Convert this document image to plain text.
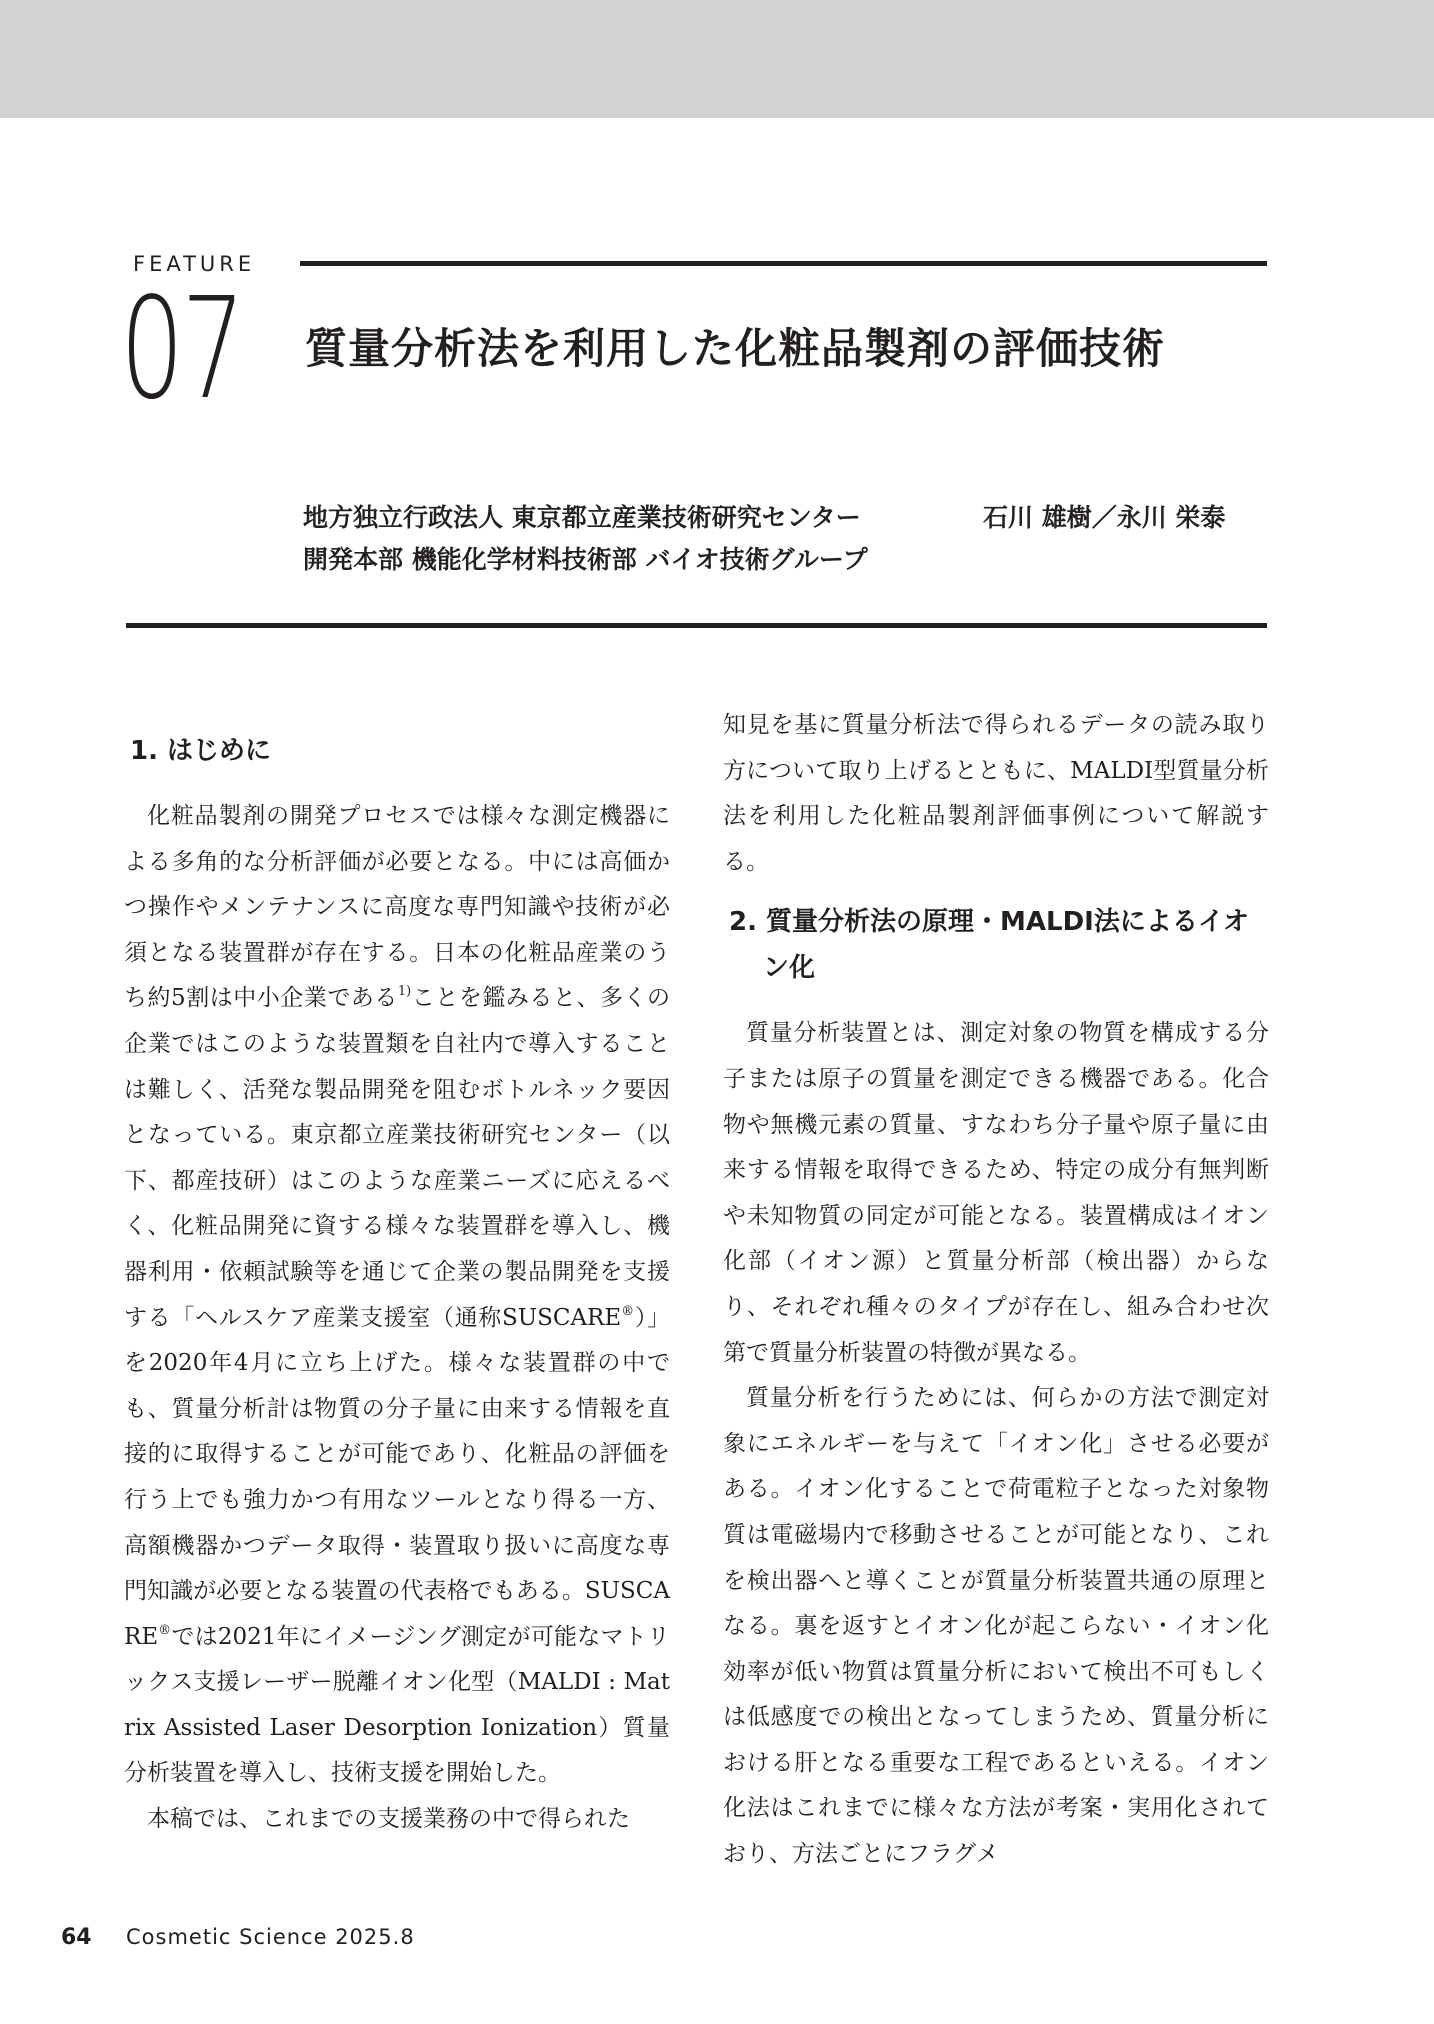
FEATURE
07 質量分析法を利用した化粧品製剤の評価技術
地方独立行政法人 東京都立産業技術研究センター
開発本部 機能化学材料技術部 バイオ技術グループ
石川 雄樹／永川 栄泰
1. はじめに

化粧品製剤の開発プロセスでは様々な測定機器による多角的な分析評価が必要となる。中には高価かつ操作やメンテナンスに高度な専門知識や技術が必須となる装置群が存在する。日本の化粧品産業のうち約5割は中小企業である$^{1)}$ことを鑑みると、多くの企業ではこのような装置類を自社内で導入することは難しく、活発な製品開発を阻むボトルネック要因となっている。東京都立産業技術研究センター（以下、都産技研）はこのような産業ニーズに応えるべく、化粧品開発に資する様々な装置群を導入し、機器利用・依頼試験等を通じて企業の製品開発を支援する「ヘルスケア産業支援室（通称SUSCARE®）」を2020年4月に立ち上げた。様々な装置群の中でも、質量分析計は物質の分子量に由来する情報を直接的に取得することが可能であり、化粧品の評価を行う上でも強力かつ有用なツールとなり得る一方、高額機器かつデータ取得・装置取り扱いに高度な専門知識が必要となる装置の代表格でもある。SUSCARE®では2021年にイメージング測定が可能なマトリックス支援レーザー脱離イオン化型（MALDI : Matrix Assisted Laser Desorption Ionization）質量分析装置を導入し、技術支援を開始した。

本稿では、これまでの支援業務の中で得られた

知見を基に質量分析法で得られるデータの読み取り方について取り上げるとともに、MALDI型質量分析法を利用した化粧品製剤評価事例について解説する。

2. 質量分析法の原理・MALDI法によるイオン化

質量分析装置とは、測定対象の物質を構成する分子または原子の質量を測定できる機器である。化合物や無機元素の質量、すなわち分子量や原子量に由来する情報を取得できるため、特定の成分有無判断や未知物質の同定が可能となる。装置構成はイオン化部（イオン源）と質量分析部（検出器）からなり、それぞれ種々のタイプが存在し、組み合わせ次第で質量分析装置の特徴が異なる。

質量分析を行うためには、何らかの方法で測定対象にエネルギーを与えて「イオン化」させる必要がある。イオン化することで荷電粒子となった対象物質は電磁場内で移動させることが可能となり、これを検出器へと導くことが質量分析装置共通の原理となる。裏を返すとイオン化が起こらない・イオン化効率が低い物質は質量分析において検出不可もしくは低感度での検出となってしまうため、質量分析における肝となる重要な工程であるといえる。イオン化法はこれまでに様々な方法が考案・実用化されており、方法ごとにフラグメ

64 Cosmetic Science 2025.8
